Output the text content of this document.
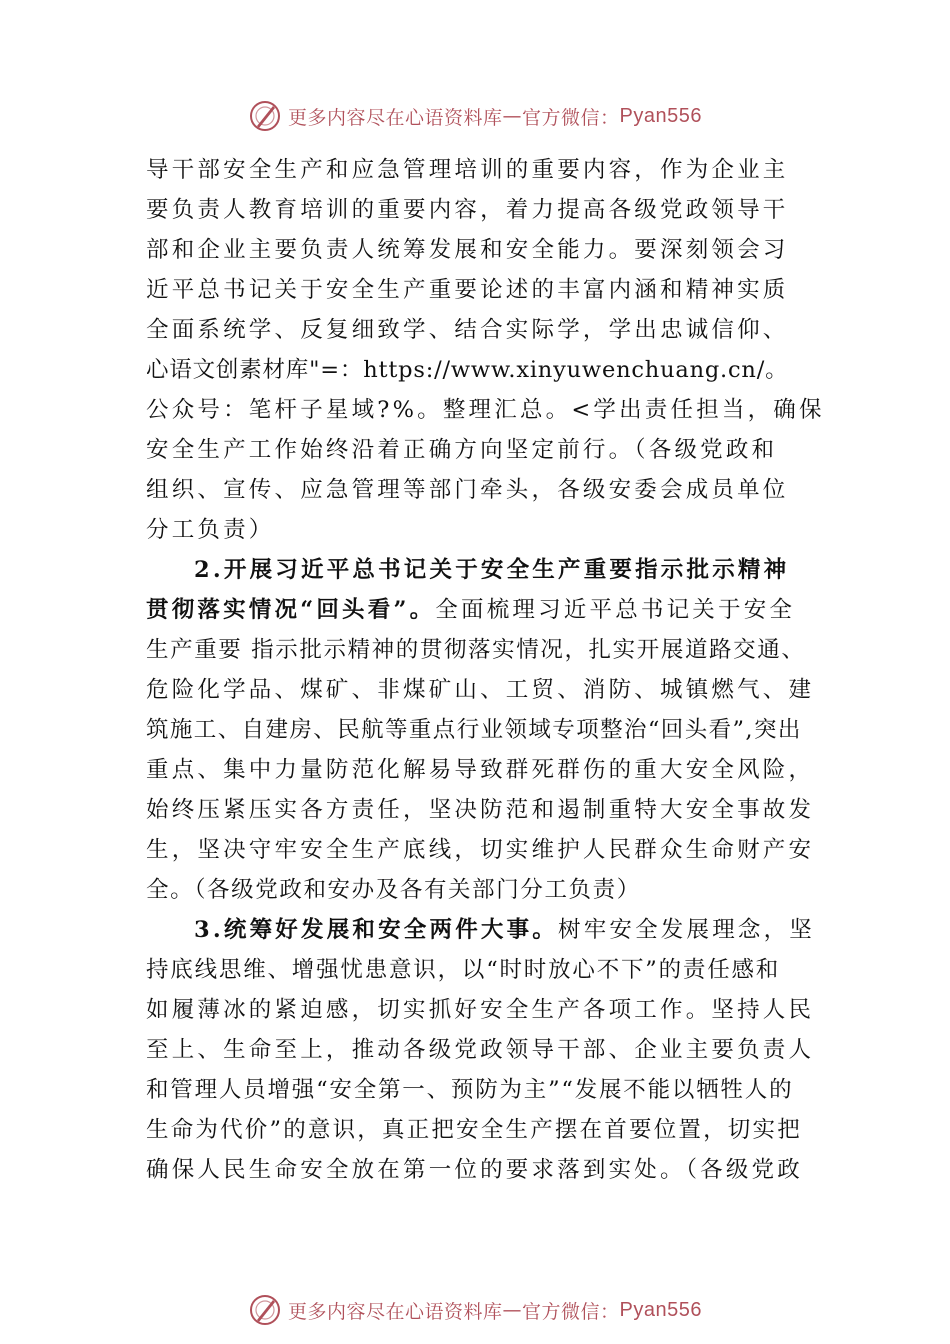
更多内容尽在心语资料库 — 官方微信： Pyan556
导干部安全生产和应急管理培训的重要内容，作为企业主
要负责人教育培训的重要内容，着力提高各级党政领导干
部和企业主要负责人统筹发展和安全能力。要深刻领会习
近平总书记关于安全生产重要论述的丰富内涵和精神实质
全面系统学、反复细致学、结合实际学，学出忠诚信仰、
心语文创素材库"=：https://www.xinyuwenchuang.cn/。
公众号：笔杆子星域?%。整理汇总。<学出责任担当，确保
安全生产工作始终沿着正确方向坚定前行。（各级党政和
组织、宣传、应急管理等部门牵头，各级安委会成员单位
分工负责）
2.开展习近平总书记关于安全生产重要指示批示精神
贯彻落实情况“回头看”。全面梳理习近平总书记关于安全
生产重要 指示批示精神的贯彻落实情况，扎实开展道路交通、
危险化学品、煤矿、非煤矿山、工贸、消防、城镇燃气、建
筑施工、自建房、民航等重点行业领域专项整治“回头看”,突出
重点、集中力量防范化解易导致群死群伤的重大安全风险，
始终压紧压实各方责任，坚决防范和遏制重特大安全事故发
生，坚决守牢安全生产底线，切实维护人民群众生命财产安
全。（各级党政和安办及各有关部门分工负责）
3.统筹好发展和安全两件大事。树牢安全发展理念，坚
持底线思维、增强忧患意识，以“时时放心不下”的责任感和
如履薄冰的紧迫感，切实抓好安全生产各项工作。坚持人民
至上、生命至上，推动各级党政领导干部、企业主要负责人
和管理人员增强“安全第一、预防为主”“发展不能以牺牲人的
生命为代价”的意识，真正把安全生产摆在首要位置，切实把
确保人民生命安全放在第一位的要求落到实处。（各级党政
更多内容尽在心语资料库 — 官方微信： Pyan556
